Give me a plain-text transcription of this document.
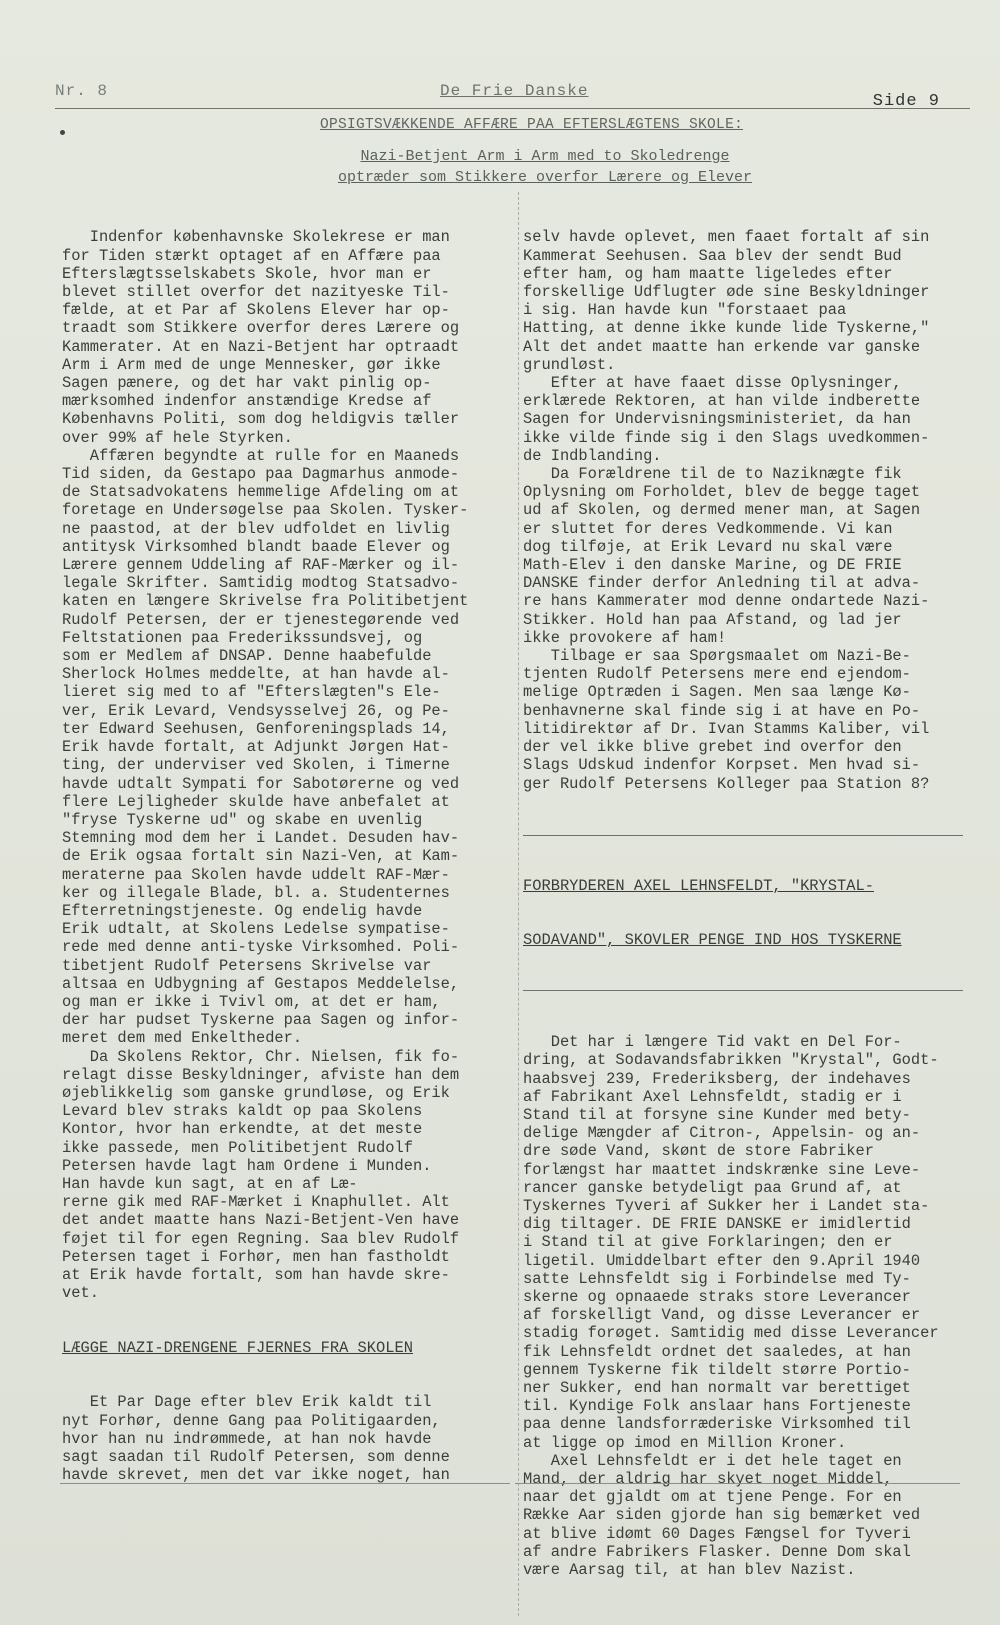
Nr. 8	De Frie Danske
Side 9
OPSIGTSVÆKKENDE AFFÆRE PAA EFTERSLÆGTENS SKOLE:
Nazi-Betjent Arm i Arm med to Skoledrenge
optræder som Stikkere overfor Lærere og Elever

Indenfor københavnske Skolekrese er man

for Tiden stærkt optaget af en Affære paa

Efterslægtsselskabets Skole, hvor man er

blevet stillet overfor det nazityeske Til-

fælde, at et Par af Skolens Elever har op-

traadt som Stikkere overfor deres Lærere og

Kammerater. At en Nazi-Betjent har optraadt

Arm i Arm med de unge Mennesker, gør ikke

Sagen pænere, og det har vakt pinlig op-

mærksomhed indenfor anstændige Kredse af

Københavns Politi, som dog heldigvis tæller

over 99% af hele Styrken.

Affæren begyndte at rulle for en Maaneds

Tid siden, da Gestapo paa Dagmarhus anmode-

de Statsadvokatens hemmelige Afdeling om at

foretage en Undersøgelse paa Skolen. Tysker-

ne paastod, at der blev udfoldet en livlig

antitysk Virksomhed blandt baade Elever og

Lærere gennem Uddeling af RAF-Mærker og il-

legale Skrifter. Samtidig modtog Statsadvo-

katen en længere Skrivelse fra Politibetjent

Rudolf Petersen, der er tjenestegørende ved

Feltstationen paa Frederikssundsvej, og

som er Medlem af DNSAP. Denne haabefulde

Sherlock Holmes meddelte, at han havde al-

lieret sig med to af "Efterslægten"s Ele-

ver, Erik Levard, Vendsysselvej 26, og Pe-

ter Edward Seehusen, Genforeningsplads 14,

Erik havde fortalt, at Adjunkt Jørgen Hat-

ting, der underviser ved Skolen, i Timerne

havde udtalt Sympati for Sabotørerne og ved

flere Lejligheder skulde have anbefalet at

"fryse Tyskerne ud" og skabe en uvenlig

Stemning mod dem her i Landet. Desuden hav-

de Erik ogsaa fortalt sin Nazi-Ven, at Kam-

meraterne paa Skolen havde uddelt RAF-Mær-

ker og illegale Blade, bl. a. Studenternes

Efterretningstjeneste. Og endelig havde

Erik udtalt, at Skolens Ledelse sympatise-

rede med denne anti-tyske Virksomhed. Poli-

tibetjent Rudolf Petersens Skrivelse var

altsaa en Udbygning af Gestapos Meddelelse,

og man er ikke i Tvivl om, at det er ham,

der har pudset Tyskerne paa Sagen og infor-

meret dem med Enkeltheder.

Da Skolens Rektor, Chr. Nielsen, fik fo-

relagt disse Beskyldninger, afviste han dem

øjeblikkelig som ganske grundløse, og Erik

Levard blev straks kaldt op paa Skolens

Kontor, hvor han erkendte, at det meste

ikke passede, men Politibetjent Rudolf

Petersen havde lagt ham Ordene i Munden.

Han havde kun sagt, at en af Læ-

rerne gik med RAF-Mærket i Knaphullet. Alt

det andet maatte hans Nazi-Betjent-Ven have

føjet til for egen Regning. Saa blev Rudolf

Petersen taget i Forhør, men han fastholdt

at Erik havde fortalt, som han havde skre-

vet.

LÆGGE NAZI-DRENGENE FJERNES FRA SKOLEN

Et Par Dage efter blev Erik kaldt til

nyt Forhør, denne Gang paa Politigaarden,

hvor han nu indrømmede, at han nok havde

sagt saadan til Rudolf Petersen, som denne

havde skrevet, men det var ikke noget, han

selv havde oplevet, men faaet fortalt af sin

Kammerat Seehusen. Saa blev der sendt Bud

efter ham, og ham maatte ligeledes efter

forskellige Udflugter øde sine Beskyldninger

i sig. Han havde kun "forstaaet paa

Hatting, at denne ikke kunde lide Tyskerne,"

Alt det andet maatte han erkende var ganske

grundløst.

Efter at have faaet disse Oplysninger,

erklærede Rektoren, at han vilde indberette

Sagen for Undervisningsministeriet, da han

ikke vilde finde sig i den Slags uvedkommen-

de Indblanding.

Da Forældrene til de to Naziknægte fik

Oplysning om Forholdet, blev de begge taget

ud af Skolen, og dermed mener man, at Sagen

er sluttet for deres Vedkommende. Vi kan

dog tilføje, at Erik Levard nu skal være

Math-Elev i den danske Marine, og DE FRIE

DANSKE finder derfor Anledning til at adva-

re hans Kammerater mod denne ondartede Nazi-

Stikker. Hold han paa Afstand, og lad jer

ikke provokere af ham!

Tilbage er saa Spørgsmaalet om Nazi-Be-

tjenten Rudolf Petersens mere end ejendom-

melige Optræden i Sagen. Men saa længe Kø-

benhavnerne skal finde sig i at have en Po-

litidirektør af Dr. Ivan Stamms Kaliber, vil

der vel ikke blive grebet ind overfor den

Slags Udskud indenfor Korpset. Men hvad si-

ger Rudolf Petersens Kolleger paa Station 8?

FORBRYDEREN AXEL LEHNSFELDT, "KRYSTAL-

SODAVAND", SKOVLER PENGE IND HOS TYSKERNE

Det har i længere Tid vakt en Del For-

dring, at Sodavandsfabrikken "Krystal", Godt-

haabsvej 239, Frederiksberg, der indehaves

af Fabrikant Axel Lehnsfeldt, stadig er i

Stand til at forsyne sine Kunder med bety-

delige Mængder af Citron-, Appelsin- og an-

dre søde Vand, skønt de store Fabriker

forlængst har maattet indskrænke sine Leve-

rancer ganske betydeligt paa Grund af, at

Tyskernes Tyveri af Sukker her i Landet sta-

dig tiltager. DE FRIE DANSKE er imidlertid

i Stand til at give Forklaringen; den er

ligetil. Umiddelbart efter den 9.April 1940

satte Lehnsfeldt sig i Forbindelse med Ty-

skerne og opnaaede straks store Leverancer

af forskelligt Vand, og disse Leverancer er

stadig forøget. Samtidig med disse Leverancer

fik Lehnsfeldt ordnet det saaledes, at han

gennem Tyskerne fik tildelt større Portio-

ner Sukker, end han normalt var berettiget

til. Kyndige Folk anslaar hans Fortjeneste

paa denne landsforræderiske Virksomhed til

at ligge op imod en Million Kroner.

Axel Lehnsfeldt er i det hele taget en

Mand, der aldrig har skyet noget Middel,

naar det gjaldt om at tjene Penge. For en

Række Aar siden gjorde han sig bemærket ved

at blive idømt 60 Dages Fængsel for Tyveri

af andre Fabrikers Flasker. Denne Dom skal

være Aarsag til, at han blev Nazist.
